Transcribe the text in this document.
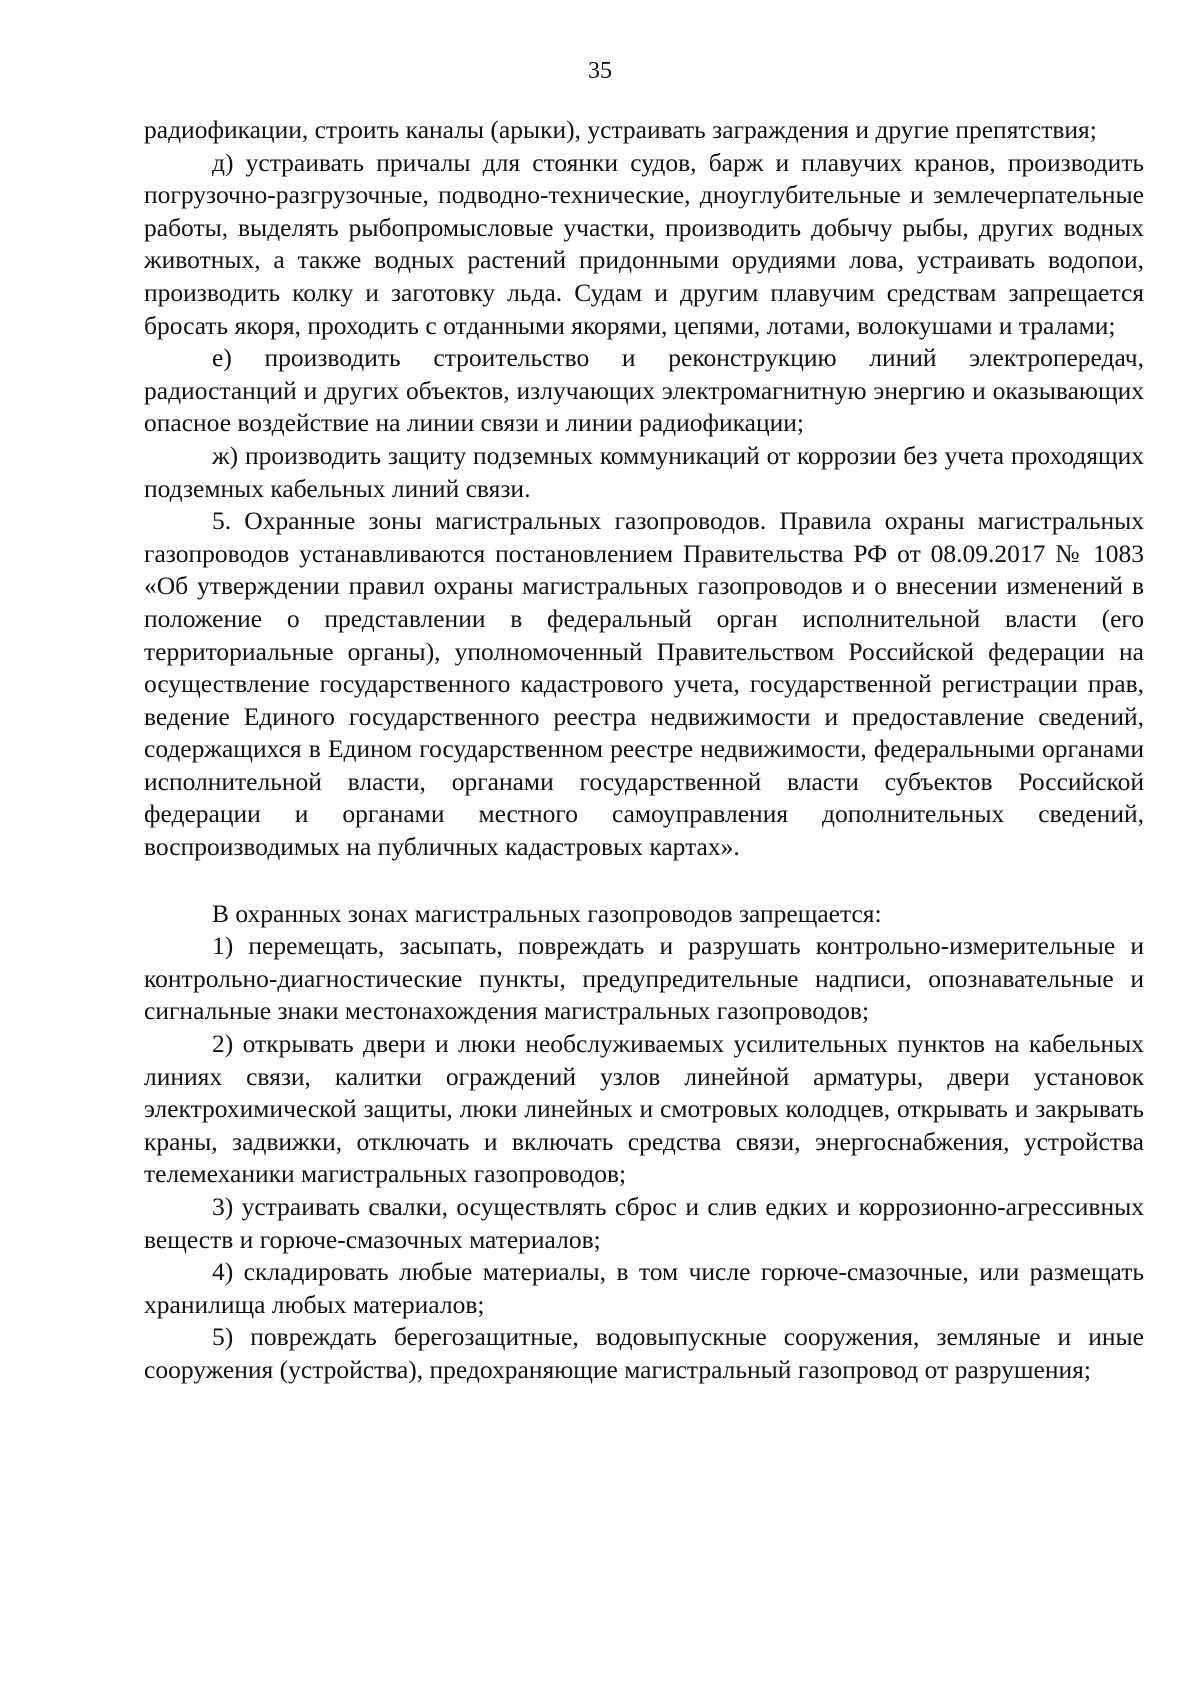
35

радиофикации, строить каналы (арыки), устраивать заграждения и другие препятствия;

д) устраивать причалы для стоянки судов, барж и плавучих кранов, производить погрузочно-разгрузочные, подводно-технические, дноуглубительные и землечерпательные работы, выделять рыбопромысловые участки, производить добычу рыбы, других водных животных, а также водных растений придонными орудиями лова, устраивать водопои, производить колку и заготовку льда. Судам и другим плавучим средствам запрещается бросать якоря, проходить с отданными якорями, цепями, лотами, волокушами и тралами;

е) производить строительство и реконструкцию линий электропередач, радиостанций и других объектов, излучающих электромагнитную энергию и оказывающих опасное воздействие на линии связи и линии радиофикации;

ж) производить защиту подземных коммуникаций от коррозии без учета проходящих подземных кабельных линий связи.

5. Охранные зоны магистральных газопроводов. Правила охраны магистральных газопроводов устанавливаются постановлением Правительства РФ от 08.09.2017 № 1083 «Об утверждении правил охраны магистральных газопроводов и о внесении изменений в положение о представлении в федеральный орган исполнительной власти (его территориальные органы), уполномоченный Правительством Российской федерации на осуществление государственного кадастрового учета, государственной регистрации прав, ведение Единого государственного реестра недвижимости и предоставление сведений, содержащихся в Едином государственном реестре недвижимости, федеральными органами исполнительной власти, органами государственной власти субъектов Российской федерации и органами местного самоуправления дополнительных сведений, воспроизводимых на публичных кадастровых картах».

В охранных зонах магистральных газопроводов запрещается:

1) перемещать, засыпать, повреждать и разрушать контрольно-измерительные и контрольно-диагностические пункты, предупредительные надписи, опознавательные и сигнальные знаки местонахождения магистральных газопроводов;

2) открывать двери и люки необслуживаемых усилительных пунктов на кабельных линиях связи, калитки ограждений узлов линейной арматуры, двери установок электрохимической защиты, люки линейных и смотровых колодцев, открывать и закрывать краны, задвижки, отключать и включать средства связи, энергоснабжения, устройства телемеханики магистральных газопроводов;

3) устраивать свалки, осуществлять сброс и слив едких и коррозионно-агрессивных веществ и горюче-смазочных материалов;

4) складировать любые материалы, в том числе горюче-смазочные, или размещать хранилища любых материалов;

5) повреждать берегозащитные, водовыпускные сооружения, земляные и иные сооружения (устройства), предохраняющие магистральный газопровод от разрушения;
